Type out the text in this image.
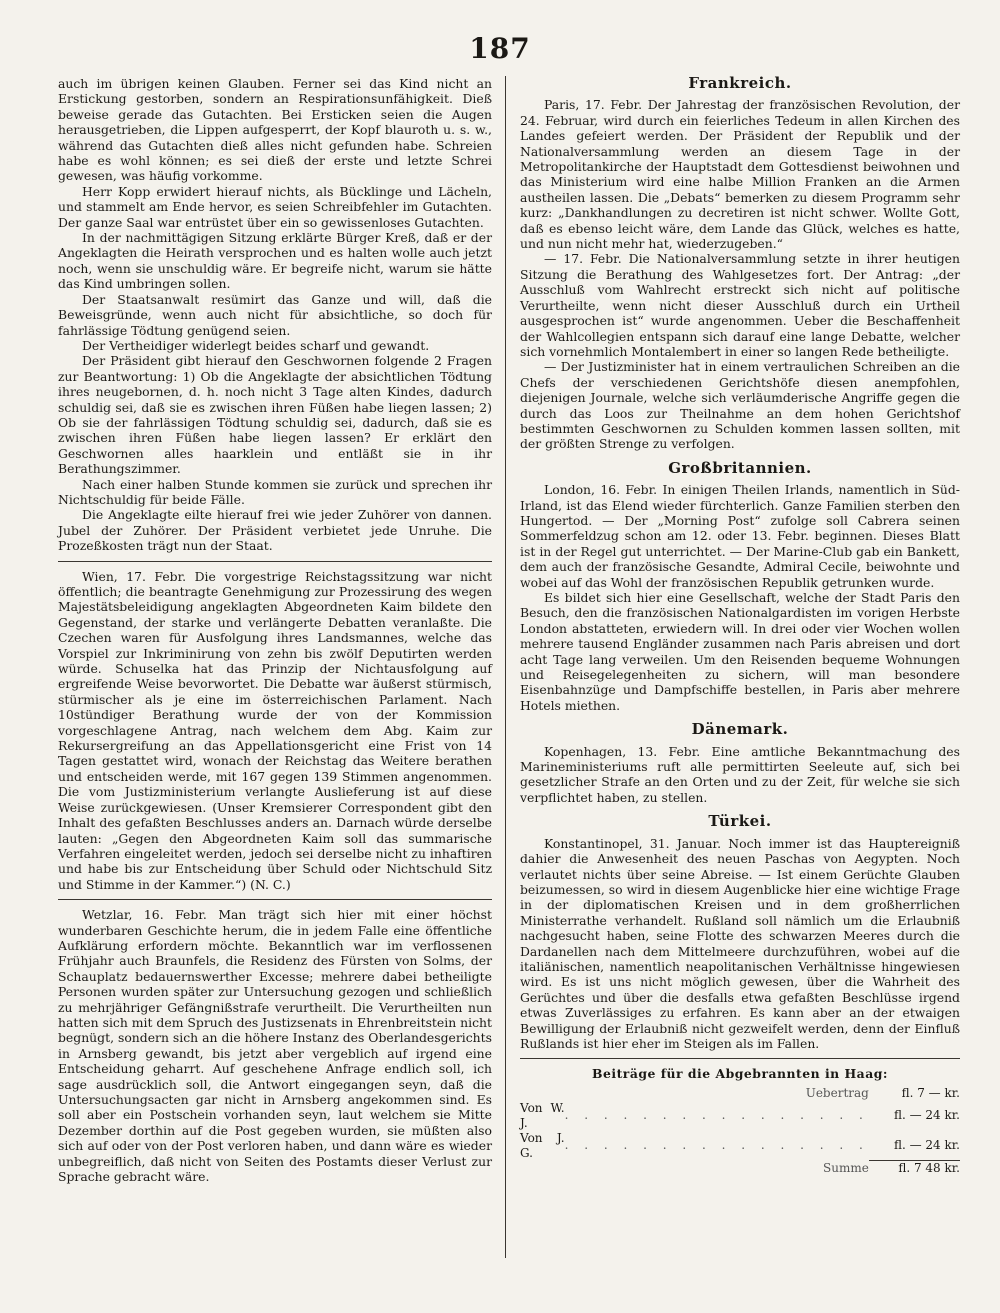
187

auch im übrigen keinen Glauben. Ferner sei das Kind nicht an Erstickung gestorben, sondern an Respirationsunfähigkeit. Dieß beweise gerade das Gutachten. Bei Ersticken seien die Augen herausgetrieben, die Lippen aufgesperrt, der Kopf blauroth u. s. w., während das Gutachten dieß alles nicht gefunden habe. Schreien habe es wohl können; es sei dieß der erste und letzte Schrei gewesen, was häufig vorkomme.

Herr Kopp erwidert hierauf nichts, als Bücklinge und Lächeln, und stammelt am Ende hervor, es seien Schreibfehler im Gutachten. Der ganze Saal war entrüstet über ein so gewissenloses Gutachten.

In der nachmittägigen Sitzung erklärte Bürger Kreß, daß er der Angeklagten die Heirath versprochen und es halten wolle auch jetzt noch, wenn sie unschuldig wäre. Er begreife nicht, warum sie hätte das Kind umbringen sollen.

Der Staatsanwalt resümirt das Ganze und will, daß die Beweisgründe, wenn auch nicht für absichtliche, so doch für fahrlässige Tödtung genügend seien.

Der Vertheidiger widerlegt beides scharf und gewandt.

Der Präsident gibt hierauf den Geschwornen folgende 2 Fragen zur Beantwortung: 1) Ob die Angeklagte der absichtlichen Tödtung ihres neugebornen, d. h. noch nicht 3 Tage alten Kindes, dadurch schuldig sei, daß sie es zwischen ihren Füßen habe liegen lassen; 2) Ob sie der fahrlässigen Tödtung schuldig sei, dadurch, daß sie es zwischen ihren Füßen habe liegen lassen? Er erklärt den Geschwornen alles haarklein und entläßt sie in ihr Berathungszimmer.

Nach einer halben Stunde kommen sie zurück und sprechen ihr Nichtschuldig für beide Fälle.

Die Angeklagte eilte hierauf frei wie jeder Zuhörer von dannen. Jubel der Zuhörer. Der Präsident verbietet jede Unruhe. Die Prozeßkosten trägt nun der Staat.

Wien, 17. Febr. Die vorgestrige Reichstagssitzung war nicht öffentlich; die beantragte Genehmigung zur Prozessirung des wegen Majestätsbeleidigung angeklagten Abgeordneten Kaim bildete den Gegenstand, der starke und verlängerte Debatten veranlaßte. Die Czechen waren für Ausfolgung ihres Landsmannes, welche das Vorspiel zur Inkriminirung von zehn bis zwölf Deputirten werden würde. Schuselka hat das Prinzip der Nichtausfolgung auf ergreifende Weise bevorwortet. Die Debatte war äußerst stürmisch, stürmischer als je eine im österreichischen Parlament. Nach 10stündiger Berathung wurde der von der Kommission vorgeschlagene Antrag, nach welchem dem Abg. Kaim zur Rekursergreifung an das Appellationsgericht eine Frist von 14 Tagen gestattet wird, wonach der Reichstag das Weitere berathen und entscheiden werde, mit 167 gegen 139 Stimmen angenommen. Die vom Justizministerium verlangte Auslieferung ist auf diese Weise zurückgewiesen. (Unser Kremsierer Correspondent gibt den Inhalt des gefaßten Beschlusses anders an. Darnach würde derselbe lauten: „Gegen den Abgeordneten Kaim soll das summarische Verfahren eingeleitet werden, jedoch sei derselbe nicht zu inhaftiren und habe bis zur Entscheidung über Schuld oder Nichtschuld Sitz und Stimme in der Kammer.“) (N. C.)

Wetzlar, 16. Febr. Man trägt sich hier mit einer höchst wunderbaren Geschichte herum, die in jedem Falle eine öffentliche Aufklärung erfordern möchte. Bekanntlich war im verflossenen Frühjahr auch Braunfels, die Residenz des Fürsten von Solms, der Schauplatz bedauernswerther Excesse; mehrere dabei betheiligte Personen wurden später zur Untersuchung gezogen und schließlich zu mehrjähriger Gefängnißstrafe verurtheilt. Die Verurtheilten nun hatten sich mit dem Spruch des Justizsenats in Ehrenbreitstein nicht begnügt, sondern sich an die höhere Instanz des Oberlandesgerichts in Arnsberg gewandt, bis jetzt aber vergeblich auf irgend eine Entscheidung geharrt. Auf geschehene Anfrage endlich soll, ich sage ausdrücklich soll, die Antwort eingegangen seyn, daß die Untersuchungsacten gar nicht in Arnsberg angekommen sind. Es soll aber ein Postschein vorhanden seyn, laut welchem sie Mitte Dezember dorthin auf die Post gegeben wurden, sie müßten also sich auf oder von der Post verloren haben, und dann wäre es wieder unbegreiflich, daß nicht von Seiten des Postamts dieser Verlust zur Sprache gebracht wäre.

Frankreich.

Paris, 17. Febr. Der Jahrestag der französischen Revolution, der 24. Februar, wird durch ein feierliches Tedeum in allen Kirchen des Landes gefeiert werden. Der Präsident der Republik und der Nationalversammlung werden an diesem Tage in der Metropolitankirche der Hauptstadt dem Gottesdienst beiwohnen und das Ministerium wird eine halbe Million Franken an die Armen austheilen lassen. Die „Debats“ bemerken zu diesem Programm sehr kurz: „Dankhandlungen zu decretiren ist nicht schwer. Wollte Gott, daß es ebenso leicht wäre, dem Lande das Glück, welches es hatte, und nun nicht mehr hat, wiederzugeben.“

— 17. Febr. Die Nationalversammlung setzte in ihrer heutigen Sitzung die Berathung des Wahlgesetzes fort. Der Antrag: „der Ausschluß vom Wahlrecht erstreckt sich nicht auf politische Verurtheilte, wenn nicht dieser Ausschluß durch ein Urtheil ausgesprochen ist“ wurde angenommen. Ueber die Beschaffenheit der Wahlcollegien entspann sich darauf eine lange Debatte, welcher sich vornehmlich Montalembert in einer so langen Rede betheiligte.

— Der Justizminister hat in einem vertraulichen Schreiben an die Chefs der verschiedenen Gerichtshöfe diesen anempfohlen, diejenigen Journale, welche sich verläumderische Angriffe gegen die durch das Loos zur Theilnahme an dem hohen Gerichtshof bestimmten Geschwornen zu Schulden kommen lassen sollten, mit der größten Strenge zu verfolgen.

Großbritannien.

London, 16. Febr. In einigen Theilen Irlands, namentlich in Süd-Irland, ist das Elend wieder fürchterlich. Ganze Familien sterben den Hungertod. — Der „Morning Post“ zufolge soll Cabrera seinen Sommerfeldzug schon am 12. oder 13. Febr. beginnen. Dieses Blatt ist in der Regel gut unterrichtet. — Der Marine-Club gab ein Bankett, dem auch der französische Gesandte, Admiral Cecile, beiwohnte und wobei auf das Wohl der französischen Republik getrunken wurde.

Es bildet sich hier eine Gesellschaft, welche der Stadt Paris den Besuch, den die französischen Nationalgardisten im vorigen Herbste London abstatteten, erwiedern will. In drei oder vier Wochen wollen mehrere tausend Engländer zusammen nach Paris abreisen und dort acht Tage lang verweilen. Um den Reisenden bequeme Wohnungen und Reisegelegenheiten zu sichern, will man besondere Eisenbahnzüge und Dampfschiffe bestellen, in Paris aber mehrere Hotels miethen.

Dänemark.

Kopenhagen, 13. Febr. Eine amtliche Bekanntmachung des Marineministeriums ruft alle permittirten Seeleute auf, sich bei gesetzlicher Strafe an den Orten und zu der Zeit, für welche sie sich verpflichtet haben, zu stellen.

Türkei.

Konstantinopel, 31. Januar. Noch immer ist das Hauptereigniß dahier die Anwesenheit des neuen Paschas von Aegypten. Noch verlautet nichts über seine Abreise. — Ist einem Gerüchte Glauben beizumessen, so wird in diesem Augenblicke hier eine wichtige Frage in der diplomatischen Kreisen und in dem großherrlichen Ministerrathe verhandelt. Rußland soll nämlich um die Erlaubniß nachgesucht haben, seine Flotte des schwarzen Meeres durch die Dardanellen nach dem Mittelmeere durchzuführen, wobei auf die italiänischen, namentlich neapolitanischen Verhältnisse hingewiesen wird. Es ist uns nicht möglich gewesen, über die Wahrheit des Gerüchtes und über die desfalls etwa gefaßten Beschlüsse irgend etwas Zuverlässiges zu erfahren. Es kann aber an der etwaigen Bewilligung der Erlaubniß nicht gezweifelt werden, denn der Einfluß Rußlands ist hier eher im Steigen als im Fallen.

Beiträge für die Abgebrannten in Haag:
	Uebertrag	fl. 7 — kr.
Von W. J.	. . . . . . . . . . . . . . . .	fl. — 24 kr.
Von J. G.	. . . . . . . . . . . . . . . .	fl. — 24 kr.
	Summe	fl. 7 48 kr.
